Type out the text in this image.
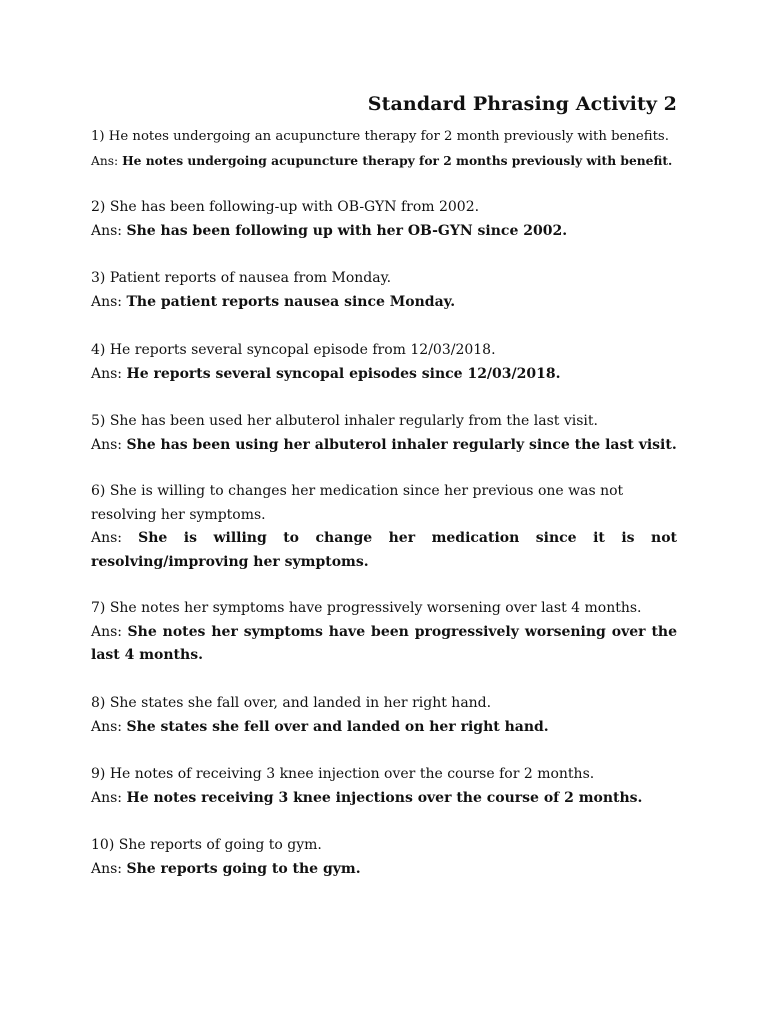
Standard Phrasing Activity 2
1) He notes undergoing an acupuncture therapy for 2 month previously with benefits.
Ans: He notes undergoing acupuncture therapy for 2 months previously with benefit.
2) She has been following-up with OB-GYN from 2002.
Ans: She has been following up with her OB-GYN since 2002.
3) Patient reports of nausea from Monday.
Ans: The patient reports nausea since Monday.
4) He reports several syncopal episode from 12/03/2018.
Ans: He reports several syncopal episodes since 12/03/2018.
5) She has been used her albuterol inhaler regularly from the last visit.
Ans: She has been using her albuterol inhaler regularly since the last visit.
6) She is willing to changes her medication since her previous one was not resolving her symptoms.
Ans: She is willing to change her medication since it is not resolving/improving her symptoms.
7) She notes her symptoms have progressively worsening over last 4 months.
Ans: She notes her symptoms have been progressively worsening over the last 4 months.
8) She states she fall over, and landed in her right hand.
Ans: She states she fell over and landed on her right hand.
9) He notes of receiving 3 knee injection over the course for 2 months.
Ans: He notes receiving 3 knee injections over the course of 2 months.
10) She reports of going to gym.
Ans: She reports going to the gym.
